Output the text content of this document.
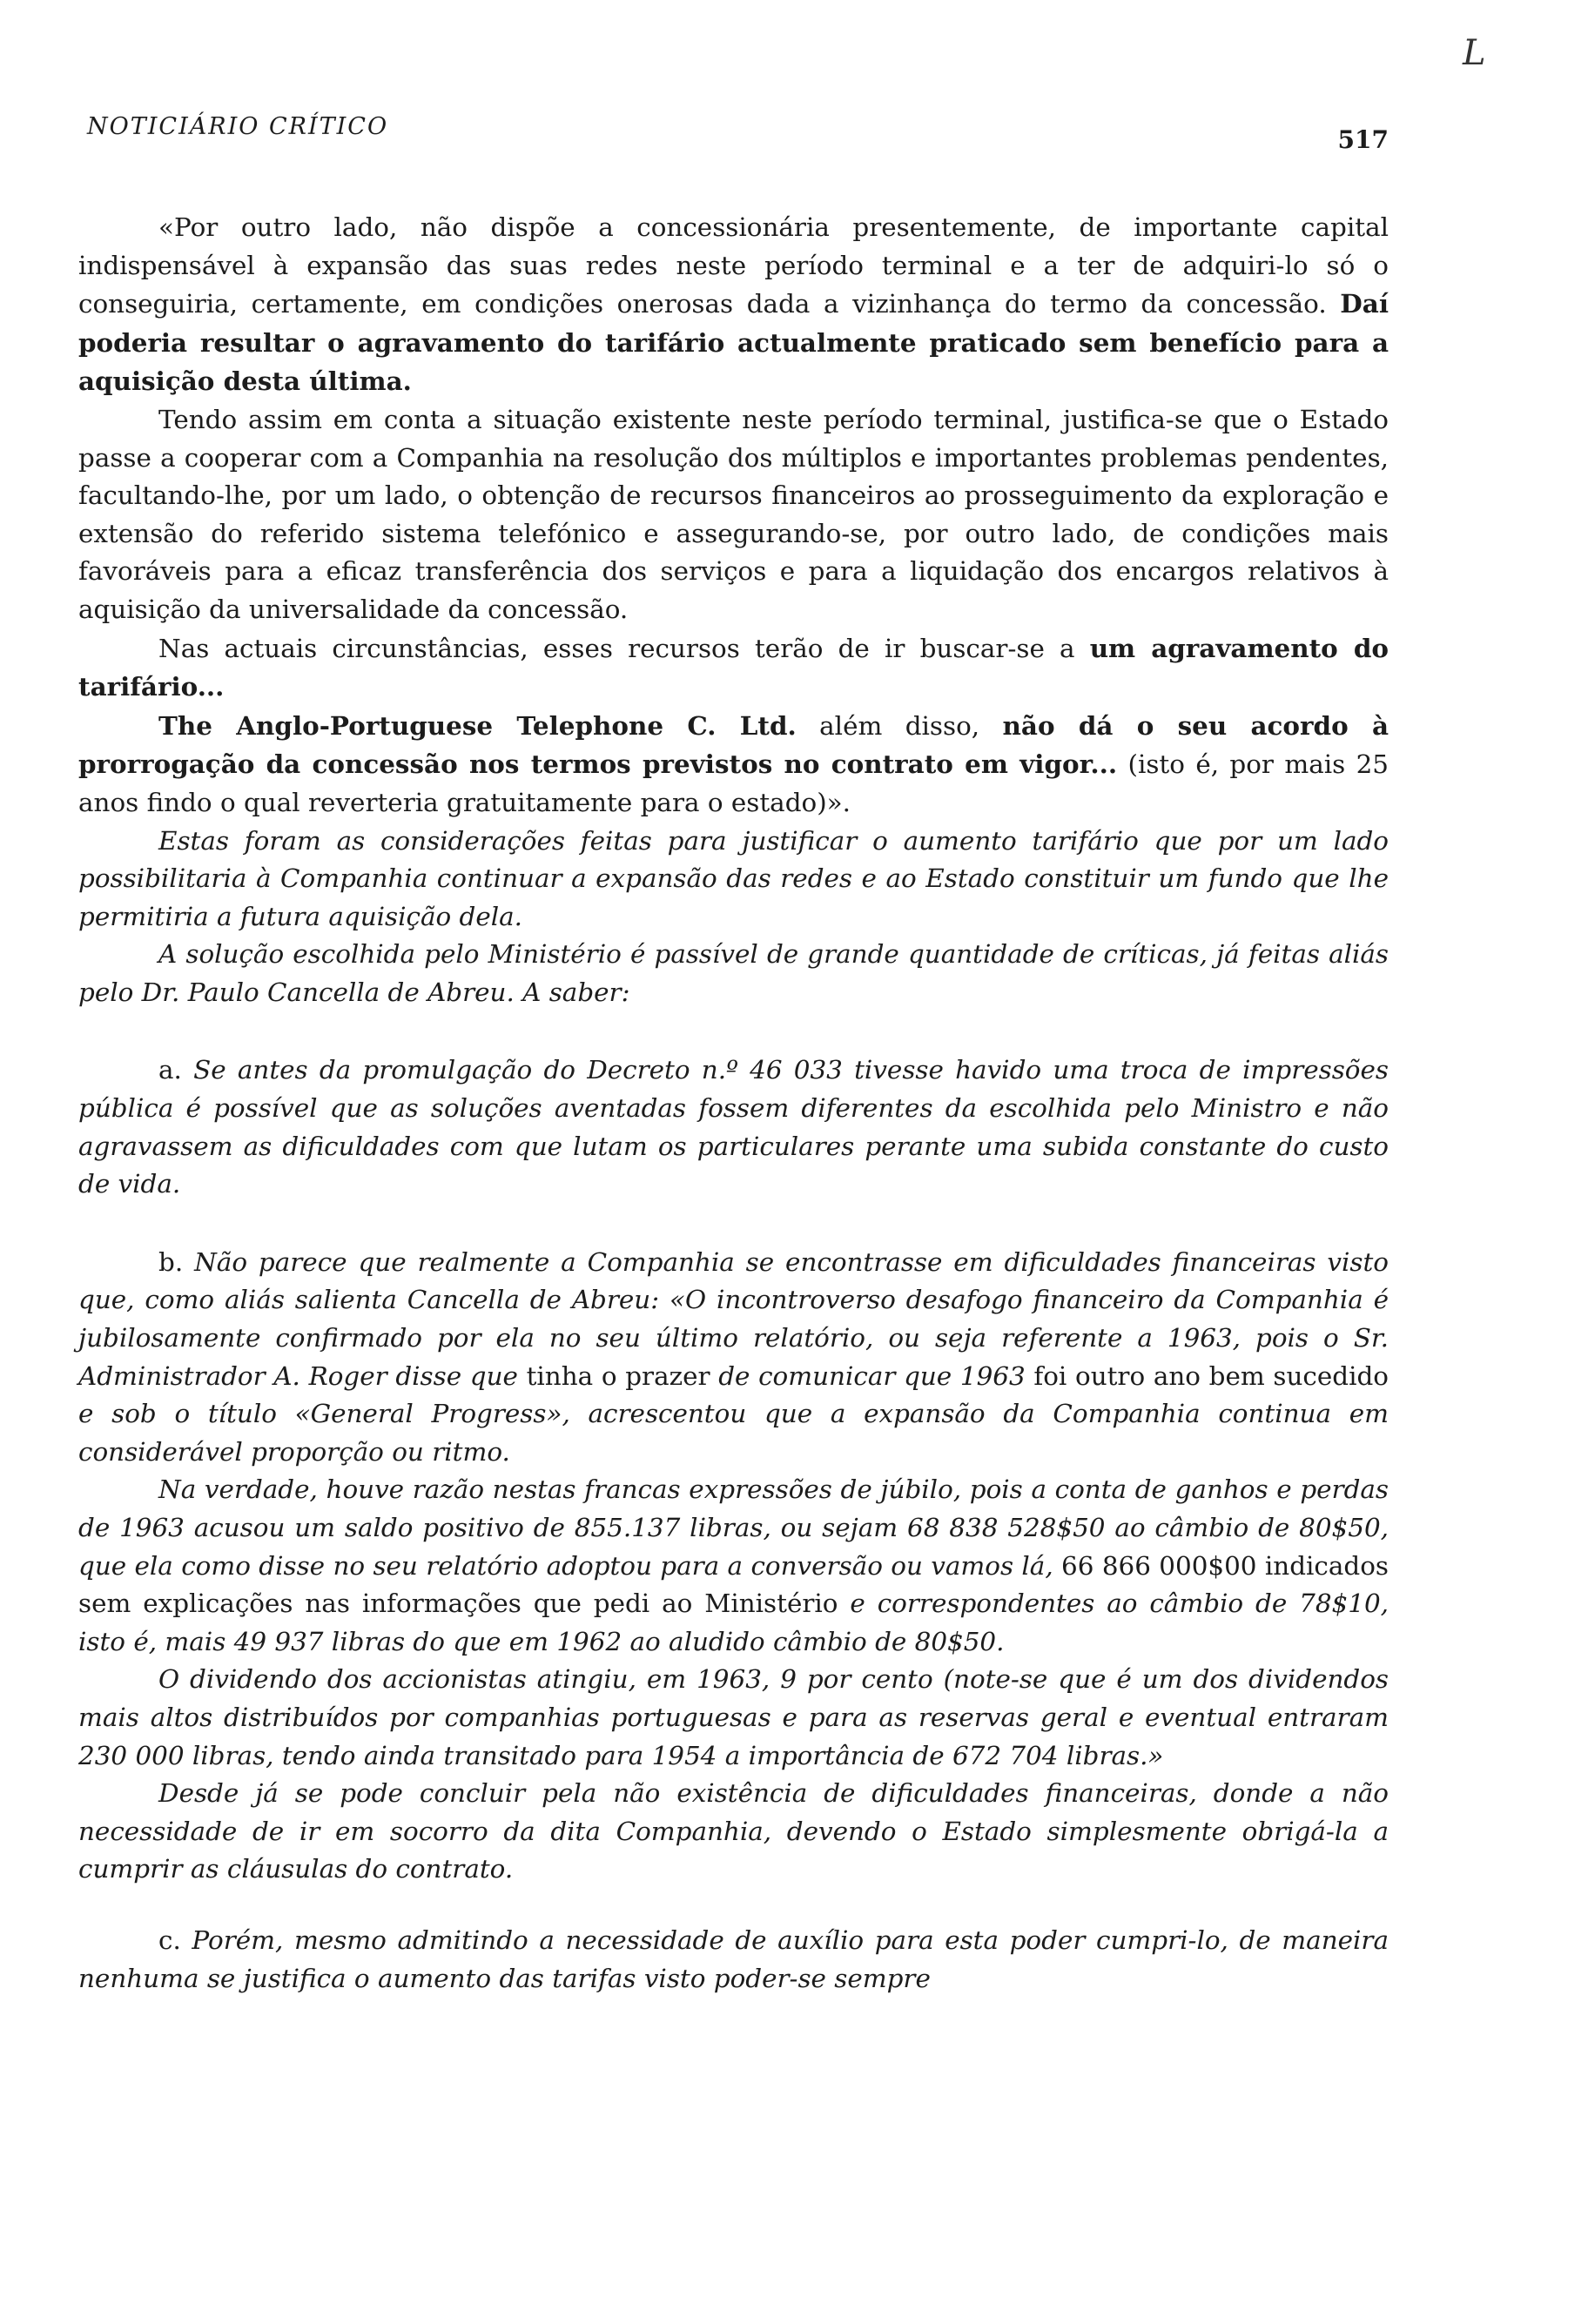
L
NOTICIÁRIO CRÍTICO	517

«Por outro lado, não dispõe a concessionária presentemente, de importante capital indispensável à expansão das suas redes neste período terminal e a ter de adquiri-lo só o conseguiria, certamente, em condições onerosas dada a vizinhança do termo da concessão. Daí poderia resultar o agravamento do tarifário actualmente praticado sem benefício para a aquisição desta última.

Tendo assim em conta a situação existente neste período terminal, justifica-se que o Estado passe a cooperar com a Companhia na resolução dos múltiplos e importantes problemas pendentes, facultando-lhe, por um lado, o obtenção de recursos financeiros ao prosseguimento da exploração e extensão do referido sistema telefónico e assegurando-se, por outro lado, de condições mais favoráveis para a eficaz transferência dos serviços e para a liquidação dos encargos relativos à aquisição da universalidade da concessão.

Nas actuais circunstâncias, esses recursos terão de ir buscar-se a um agravamento do tarifário...

The Anglo-Portuguese Telephone C. Ltd. além disso, não dá o seu acordo à prorrogação da concessão nos termos previstos no contrato em vigor... (isto é, por mais 25 anos findo o qual reverteria gratuitamente para o estado)».

Estas foram as considerações feitas para justificar o aumento tarifário que por um lado possibilitaria à Companhia continuar a expansão das redes e ao Estado constituir um fundo que lhe permitiria a futura aquisição dela.

A solução escolhida pelo Ministério é passível de grande quantidade de críticas, já feitas aliás pelo Dr. Paulo Cancella de Abreu. A saber:

a. Se antes da promulgação do Decreto n.º 46 033 tivesse havido uma troca de impressões pública é possível que as soluções aventadas fossem diferentes da escolhida pelo Ministro e não agravassem as dificuldades com que lutam os particulares perante uma subida constante do custo de vida.

b. Não parece que realmente a Companhia se encontrasse em dificuldades financeiras visto que, como aliás salienta Cancella de Abreu: «O incontroverso desafogo financeiro da Companhia é jubilosamente confirmado por ela no seu último relatório, ou seja referente a 1963, pois o Sr. Administrador A. Roger disse que tinha o prazer de comunicar que 1963 foi outro ano bem sucedido e sob o título «General Progress», acrescentou que a expansão da Companhia continua em considerável proporção ou ritmo.

Na verdade, houve razão nestas francas expressões de júbilo, pois a conta de ganhos e perdas de 1963 acusou um saldo positivo de 855.137 libras, ou sejam 68 838 528$50 ao câmbio de 80$50, que ela como disse no seu relatório adoptou para a conversão ou vamos lá, 66 866 000$00 indicados sem explicações nas informações que pedi ao Ministério e correspondentes ao câmbio de 78$10, isto é, mais 49 937 libras do que em 1962 ao aludido câmbio de 80$50.

O dividendo dos accionistas atingiu, em 1963, 9 por cento (note-se que é um dos dividendos mais altos distribuídos por companhias portuguesas e para as reservas geral e eventual entraram 230 000 libras, tendo ainda transitado para 1954 a importância de 672 704 libras.»

Desde já se pode concluir pela não existência de dificuldades financeiras, donde a não necessidade de ir em socorro da dita Companhia, devendo o Estado simplesmente obrigá-la a cumprir as cláusulas do contrato.

c. Porém, mesmo admitindo a necessidade de auxílio para esta poder cumpri-lo, de maneira nenhuma se justifica o aumento das tarifas visto poder-se sempre
